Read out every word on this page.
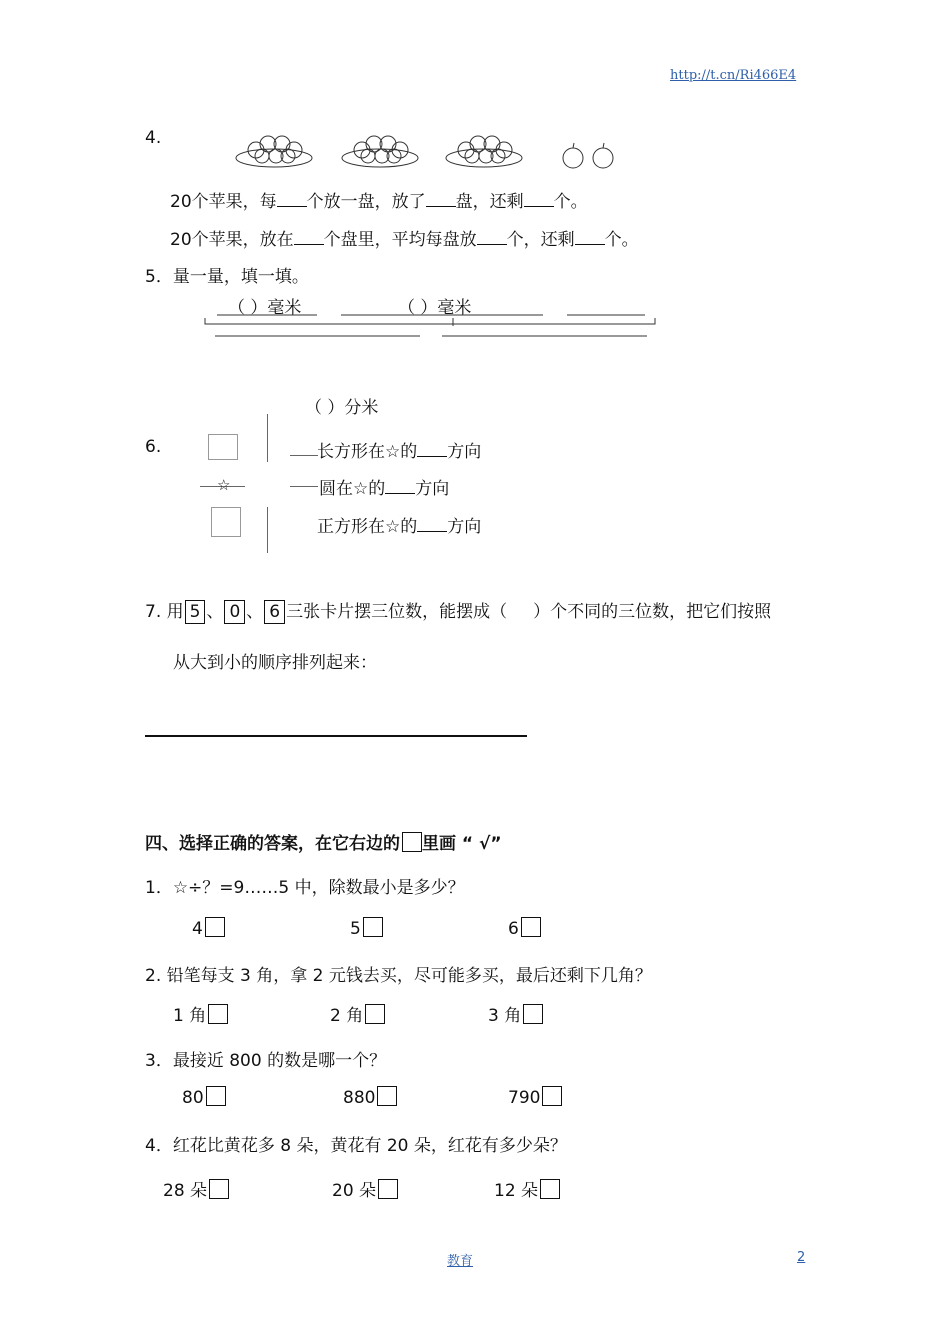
http://t.cn/Ri466E4
4.
20个苹果，每 个放一盘，放了 盘，还剩 个。
20个苹果，放在 个盘里，平均每盘放 个，还剩 个。
5．量一量，填一填。
（ ）毫米	（ ）毫米
（ ）分米
6.
☆
长方形在☆的 方向
圆在☆的 方向
正方形在☆的 方向
7. 用 5 、 0 、 6 三张卡片摆三位数，能摆成（ ）个不同的三位数，把它们按照
从大到小的顺序排列起来：
四、选择正确的答案，在它右边的 里画 “ √”
1．☆÷？=9……5 中，除数最小是多少？
4	5	6
2. 铅笔每支 3 角，拿 2 元钱去买，尽可能多买，最后还剩下几角？
1 角	2 角	3 角
3．最接近 800 的数是哪一个？
80	880	790
4．红花比黄花多 8 朵，黄花有 20 朵，红花有多少朵？
28 朵	20 朵	12 朵
教育	2
